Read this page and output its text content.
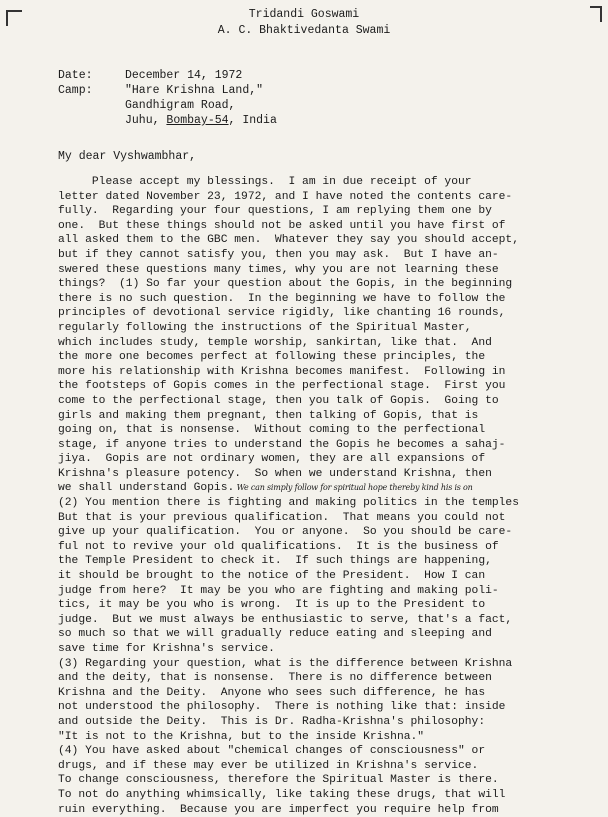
Tridandi Goswami
A. C. Bhaktivedanta Swami
Date:	December 14, 1972
Camp:	"Hare Krishna Land,"
Gandhigram Road,
Juhu, Bombay-54, India
My dear Vyshwambhar,
Please accept my blessings.  I am in due receipt of your
letter dated November 23, 1972, and I have noted the contents care-
fully.  Regarding your four questions, I am replying them one by
one.  But these things should not be asked until you have first of
all asked them to the GBC men.  Whatever they say you should accept,
but if they cannot satisfy you, then you may ask.  But I have an-
swered these questions many times, why you are not learning these
things?  (1) So far your question about the Gopis, in the beginning
there is no such question.  In the beginning we have to follow the
principles of devotional service rigidly, like chanting 16 rounds,
regularly following the instructions of the Spiritual Master,
which includes study, temple worship, sankirtan, like that.  And
the more one becomes perfect at following these principles, the
more his relationship with Krishna becomes manifest.  Following in
the footsteps of Gopis comes in the perfectional stage.  First you
come to the perfectional stage, then you talk of Gopis.  Going to
girls and making them pregnant, then talking of Gopis, that is
going on, that is nonsense.  Without coming to the perfectional
stage, if anyone tries to understand the Gopis he becomes a sahaj-
jiya.  Gopis are not ordinary women, they are all expansions of
Krishna's pleasure potency.  So when we understand Krishna, then
we shall understand Gopis. We can simply follow for spiritual hope thereby kind his is on
(2) You mention there is fighting and making politics in the temples
But that is your previous qualification.  That means you could not
give up your qualification.  You or anyone.  So you should be care-
ful not to revive your old qualifications.  It is the business of
the Temple President to check it.  If such things are happening,
it should be brought to the notice of the President.  How I can
judge from here?  It may be you who are fighting and making poli-
tics, it may be you who is wrong.  It is up to the President to
judge.  But we must always be enthusiastic to serve, that's a fact,
so much so that we will gradually reduce eating and sleeping and
save time for Krishna's service.
(3) Regarding your question, what is the difference between Krishna
and the deity, that is nonsense.  There is no difference between
Krishna and the Deity.  Anyone who sees such difference, he has
not understood the philosophy.  There is nothing like that: inside
and outside the Deity.  This is Dr. Radha-Krishna's philosophy:
"It is not to the Krishna, but to the inside Krishna."
(4) You have asked about "chemical changes of consciousness" or
drugs, and if these may ever be utilized in Krishna's service.
To change consciousness, therefore the Spiritual Master is there.
To not do anything whimsically, like taking these drugs, that will
ruin everything.  Because you are imperfect you require help from
